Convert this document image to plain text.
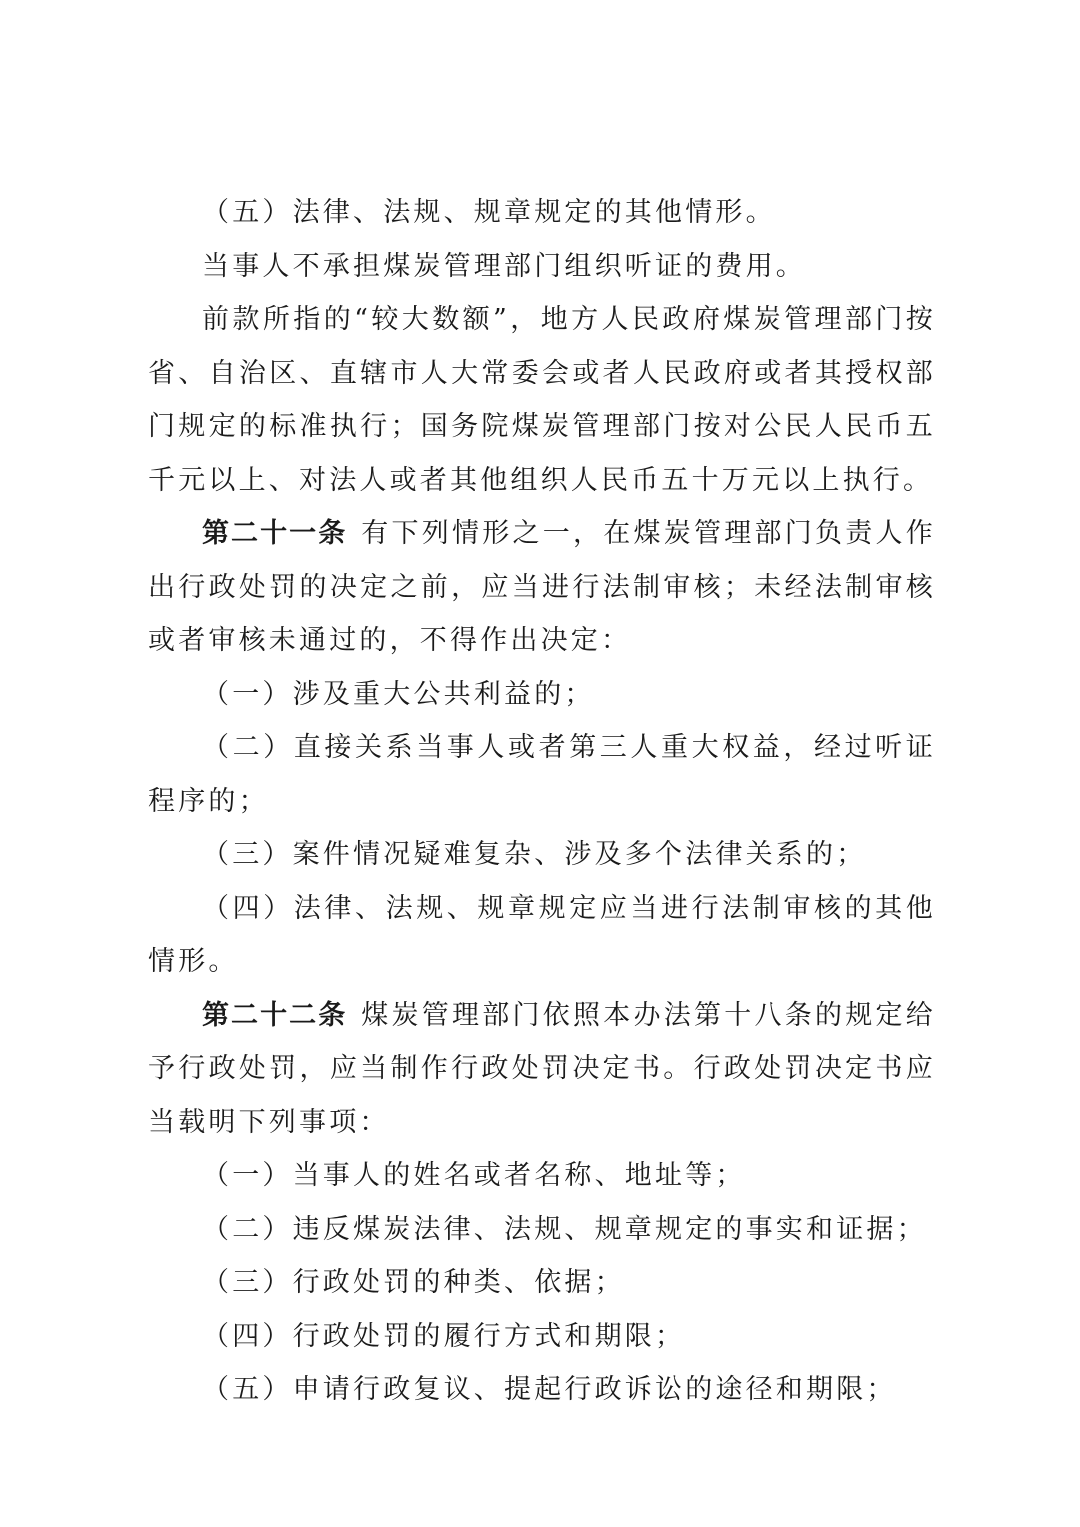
（五）法律、法规、规章规定的其他情形。

当事人不承担煤炭管理部门组织听证的费用。

前款所指的“较大数额”，地方人民政府煤炭管理部门按省、自治区、直辖市人大常委会或者人民政府或者其授权部门规定的标准执行；国务院煤炭管理部门按对公民人民币五千元以上、对法人或者其他组织人民币五十万元以上执行。

第二十一条 有下列情形之一，在煤炭管理部门负责人作出行政处罚的决定之前，应当进行法制审核；未经法制审核或者审核未通过的，不得作出决定：

（一）涉及重大公共利益的；

（二）直接关系当事人或者第三人重大权益，经过听证程序的；

（三）案件情况疑难复杂、涉及多个法律关系的；

（四）法律、法规、规章规定应当进行法制审核的其他情形。

第二十二条 煤炭管理部门依照本办法第十八条的规定给予行政处罚，应当制作行政处罚决定书。行政处罚决定书应当载明下列事项：

（一）当事人的姓名或者名称、地址等；

（二）违反煤炭法律、法规、规章规定的事实和证据；

（三）行政处罚的种类、依据；

（四）行政处罚的履行方式和期限；

（五）申请行政复议、提起行政诉讼的途径和期限；
